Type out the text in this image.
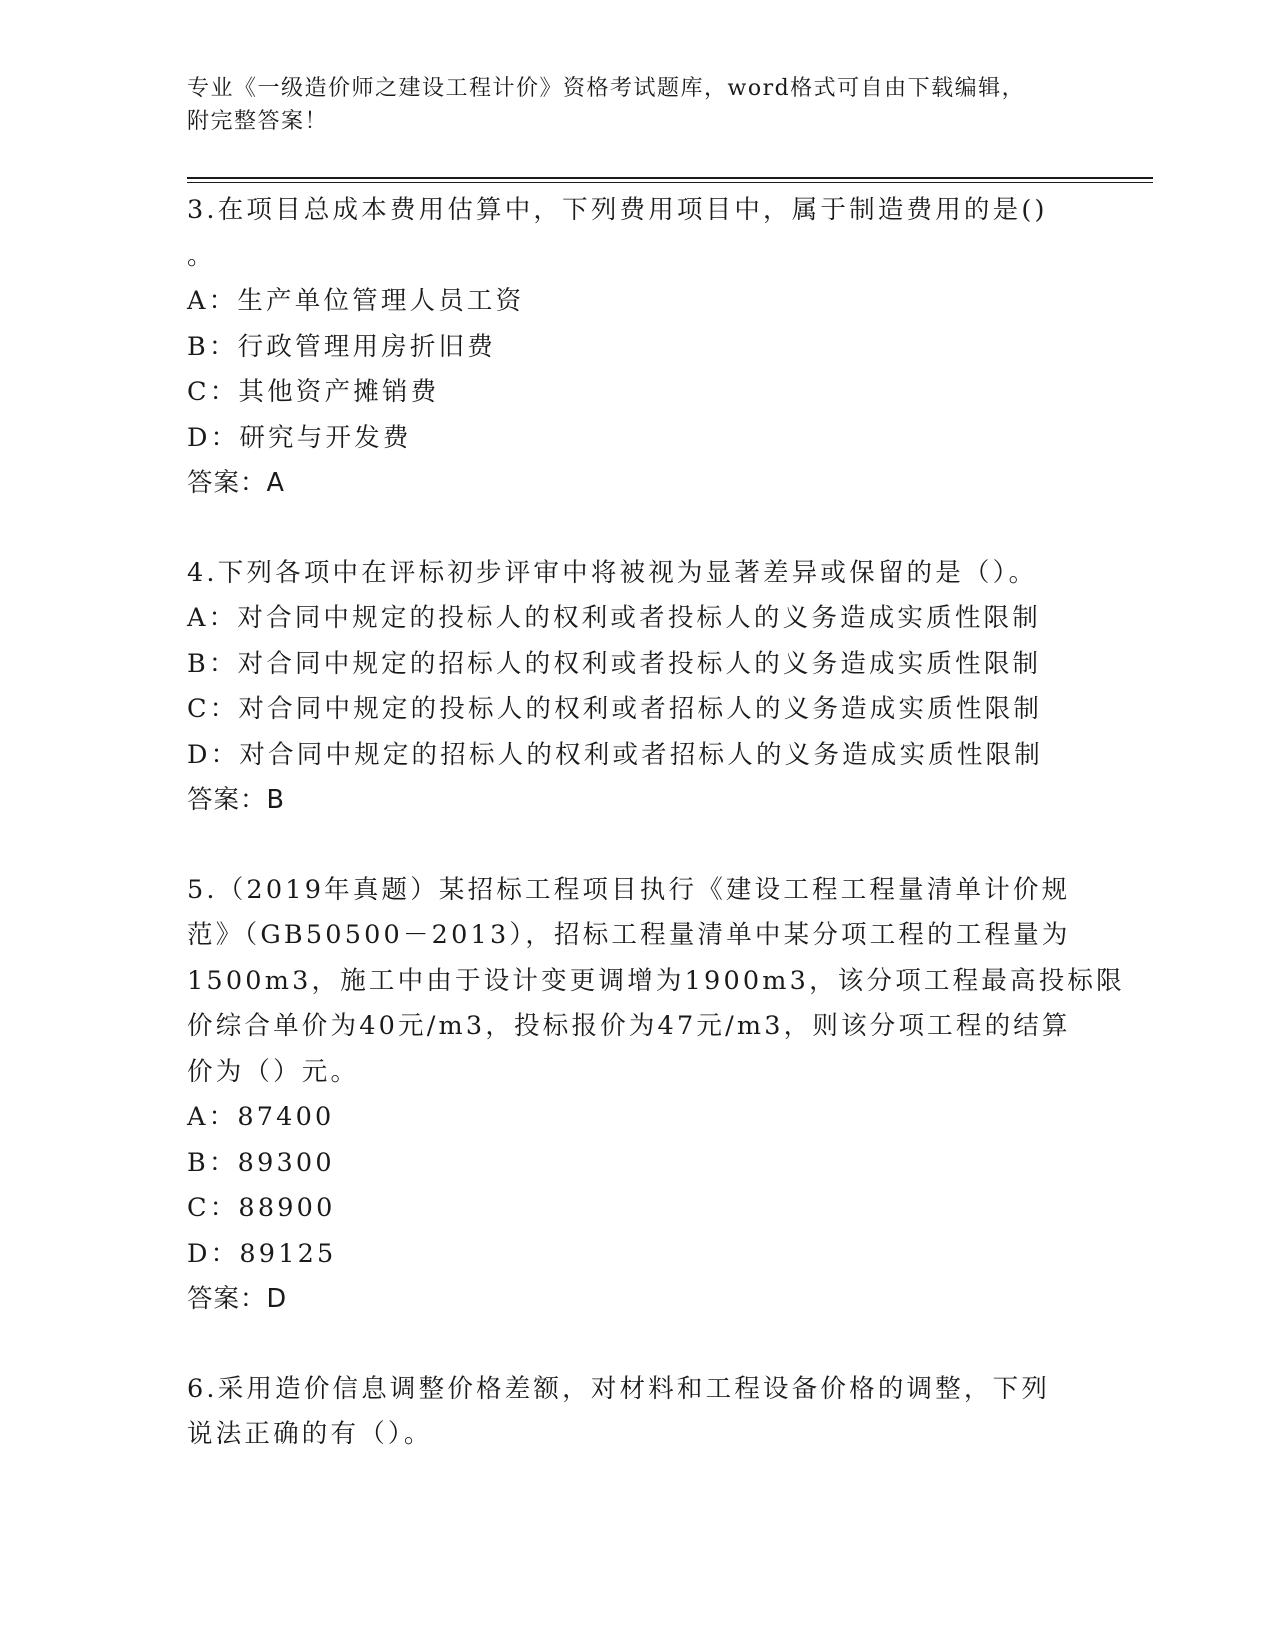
专业《一级造价师之建设工程计价》资格考试题库，word格式可自由下载编辑，
附完整答案！
3.在项目总成本费用估算中，下列费用项目中，属于制造费用的是()
。
A：生产单位管理人员工资
B：行政管理用房折旧费
C：其他资产摊销费
D：研究与开发费
答案：A
4.下列各项中在评标初步评审中将被视为显著差异或保留的是（）。
A：对合同中规定的投标人的权利或者投标人的义务造成实质性限制
B：对合同中规定的招标人的权利或者投标人的义务造成实质性限制
C：对合同中规定的投标人的权利或者招标人的义务造成实质性限制
D：对合同中规定的招标人的权利或者招标人的义务造成实质性限制
答案：B
5.（2019年真题）某招标工程项目执行《建设工程工程量清单计价规
范》（GB50500－2013），招标工程量清单中某分项工程的工程量为
1500m3，施工中由于设计变更调增为1900m3，该分项工程最高投标限
价综合单价为40元/m3，投标报价为47元/m3，则该分项工程的结算
价为（）元。
A：87400
B：89300
C：88900
D：89125
答案：D
6.采用造价信息调整价格差额，对材料和工程设备价格的调整，下列
说法正确的有（）。
